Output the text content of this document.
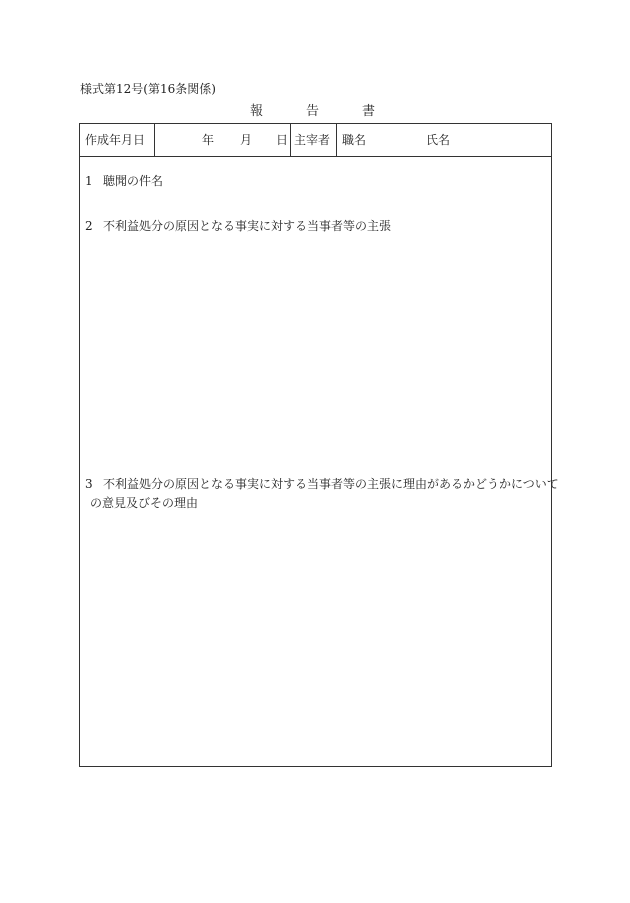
様式第12号(第16条関係)
報	告	書
作成年月日	年 月 日 主宰者 職名	氏名
1 聴聞の件名
2 不利益処分の原因となる事実に対する当事者等の主張
3 不利益処分の原因となる事実に対する当事者等の主張に理由があるかどうかについて
の意見及びその理由
